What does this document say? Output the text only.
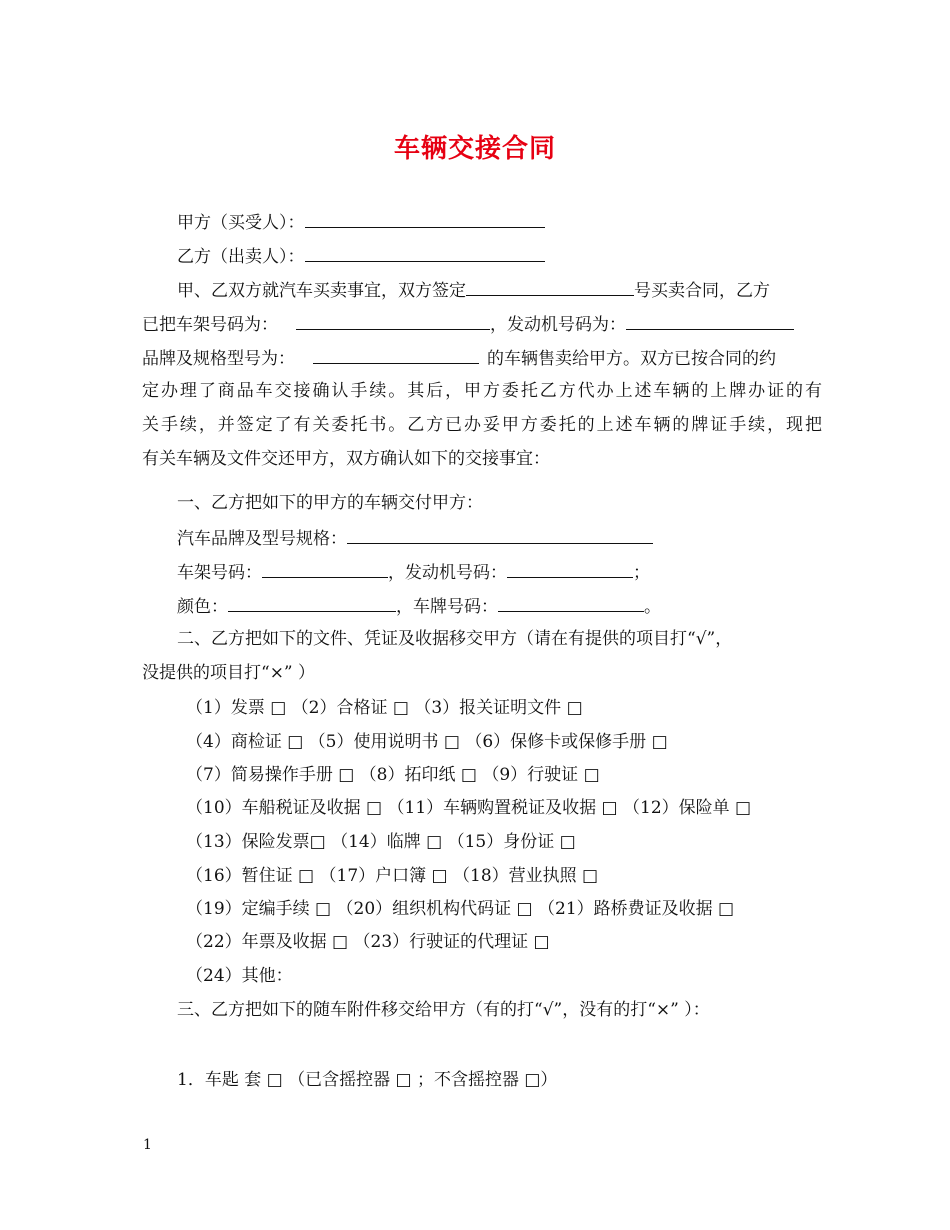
车辆交接合同
甲方（买受人）：
乙方（出卖人）：
甲、乙双方就汽车买卖事宜，双方签定	号买卖合同，乙方
已把车架号码为：	，发动机号码为：
品牌及规格型号为：	的车辆售卖给甲方。双方已按合同的约
定办理了商品车交接确认手续。其后，甲方委托乙方代办上述车辆的上牌办证的有
关手续，并签定了有关委托书。乙方已办妥甲方委托的上述车辆的牌证手续，现把
有关车辆及文件交还甲方，双方确认如下的交接事宜：
一、乙方把如下的甲方的车辆交付甲方：
汽车品牌及型号规格：
车架号码：	，发动机号码：	；
颜色：	，车牌号码：	。
二、乙方把如下的文件、凭证及收据移交甲方（请在有提供的项目打“√”，
没提供的项目打“×” ）
（1）发票 □ （2）合格证 □ （3）报关证明文件 □
（4）商检证 □ （5）使用说明书 □ （6）保修卡或保修手册 □
（7）简易操作手册 □ （8）拓印纸 □ （9）行驶证 □
（10）车船税证及收据 □ （11）车辆购置税证及收据 □ （12）保险单 □
（13）保险发票□ （14）临牌 □ （15）身份证 □
（16）暂住证 □ （17）户口簿 □ （18）营业执照 □
（19）定编手续 □ （20）组织机构代码证 □ （21）路桥费证及收据 □
（22）年票及收据 □ （23）行驶证的代理证 □
（24）其他：
三、乙方把如下的随车附件移交给甲方（有的打“√”，没有的打“×” ）：
1．车匙 套 □ （已含摇控器 □ ；不含摇控器 □）
1
